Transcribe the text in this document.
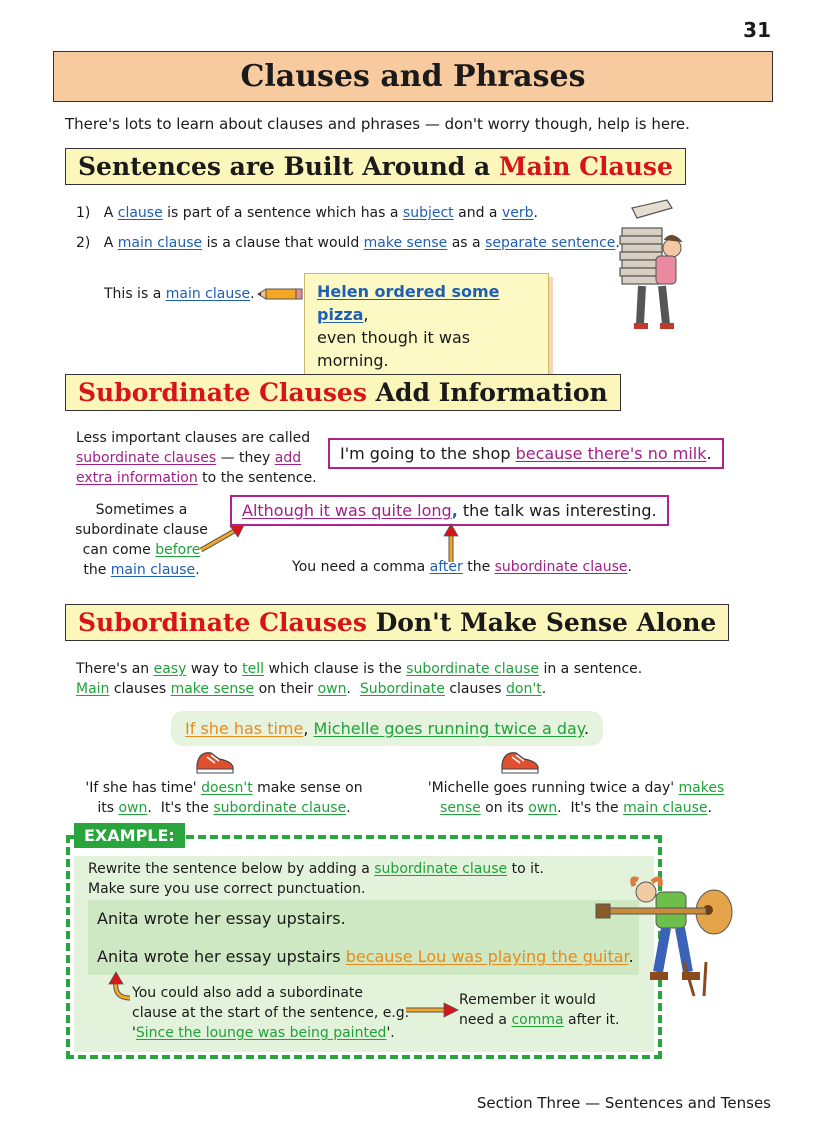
31
Clauses and Phrases
There's lots to learn about clauses and phrases — don't worry though, help is here.
Sentences are Built Around a Main Clause
1) A clause is part of a sentence which has a subject and a verb.
2) A main clause is a clause that would make sense as a separate sentence.
This is a main clause.	Helen ordered some pizza,
even though it was morning.
Subordinate Clauses Add Information
Less important clauses are called
subordinate clauses — they add
extra information to the sentence.
I'm going to the shop because there's no milk.
Sometimes a
subordinate clause
can come before
the main clause.
Although it was quite long, the talk was interesting.
You need a comma after the subordinate clause.
Subordinate Clauses Don't Make Sense Alone
There's an easy way to tell which clause is the subordinate clause in a sentence.
Main clauses make sense on their own.  Subordinate clauses don't.
If she has time, Michelle goes running twice a day.
'If she has time' doesn't make sense on
its own.  It's the subordinate clause.
'Michelle goes running twice a day' makes
sense on its own.  It's the main clause.
EXAMPLE:
Rewrite the sentence below by adding a subordinate clause to it.
Make sure you use correct punctuation.
Anita wrote her essay upstairs.
Anita wrote her essay upstairs because Lou was playing the guitar.
You could also add a subordinate
clause at the start of the sentence, e.g.
'Since the lounge was being painted'.
Remember it would
need a comma after it.
Section Three — Sentences and Tenses
